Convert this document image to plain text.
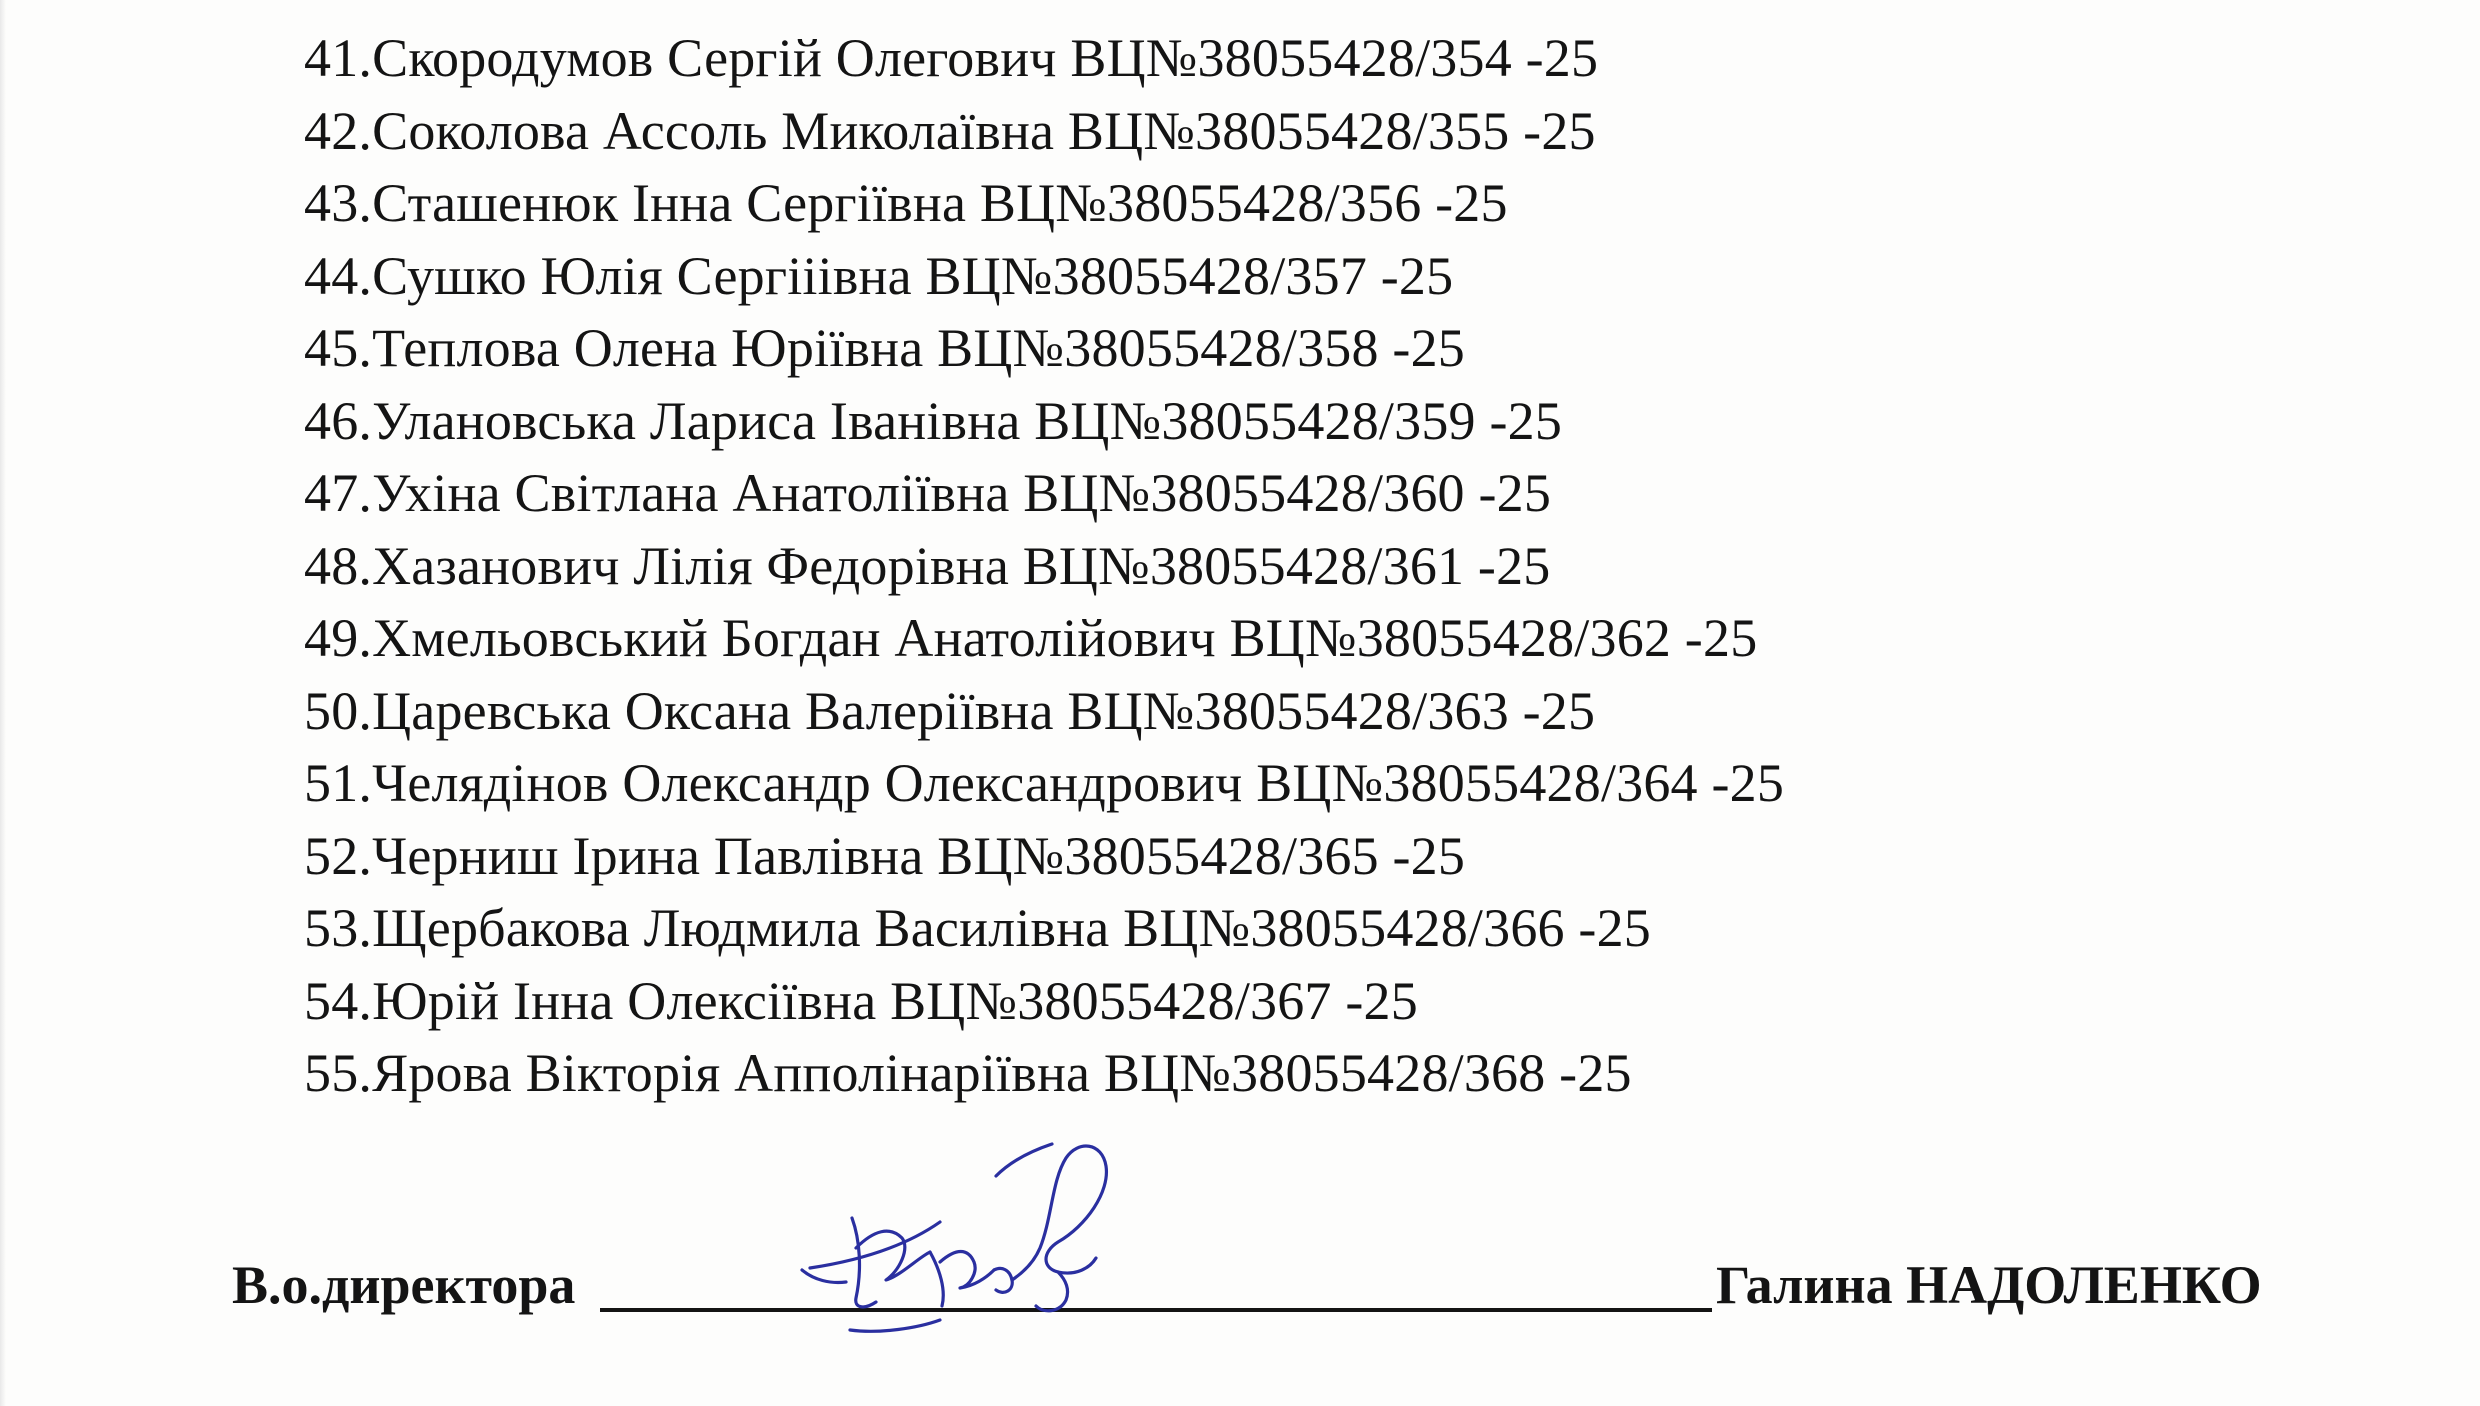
41.Скородумов Сергій Олегович ВЦ№38055428/354 -25
42.Соколова Ассоль Миколаївна ВЦ№38055428/355 -25
43.Сташенюк Інна Сергіївна ВЦ№38055428/356 -25
44.Сушко Юлія Сергііівна ВЦ№38055428/357 -25
45.Теплова Олена Юріївна ВЦ№38055428/358 -25
46.Улановська Лариса Іванівна ВЦ№38055428/359 -25
47.Ухіна Світлана Анатоліївна ВЦ№38055428/360 -25
48.Хазанович Лілія Федорівна ВЦ№38055428/361 -25
49.Хмельовський Богдан Анатолійович ВЦ№38055428/362 -25
50.Царевська Оксана Валеріївна ВЦ№38055428/363 -25
51.Челядінов Олександр Олександрович ВЦ№38055428/364 -25
52.Черниш Ірина Павлівна ВЦ№38055428/365 -25
53.Щербакова Людмила Василівна ВЦ№38055428/366 -25
54.Юрій Інна Олексіївна ВЦ№38055428/367 -25
55.Ярова Вікторія Апполінаріївна ВЦ№38055428/368 -25
В.о.директора	Галина НАДОЛЕНКО
